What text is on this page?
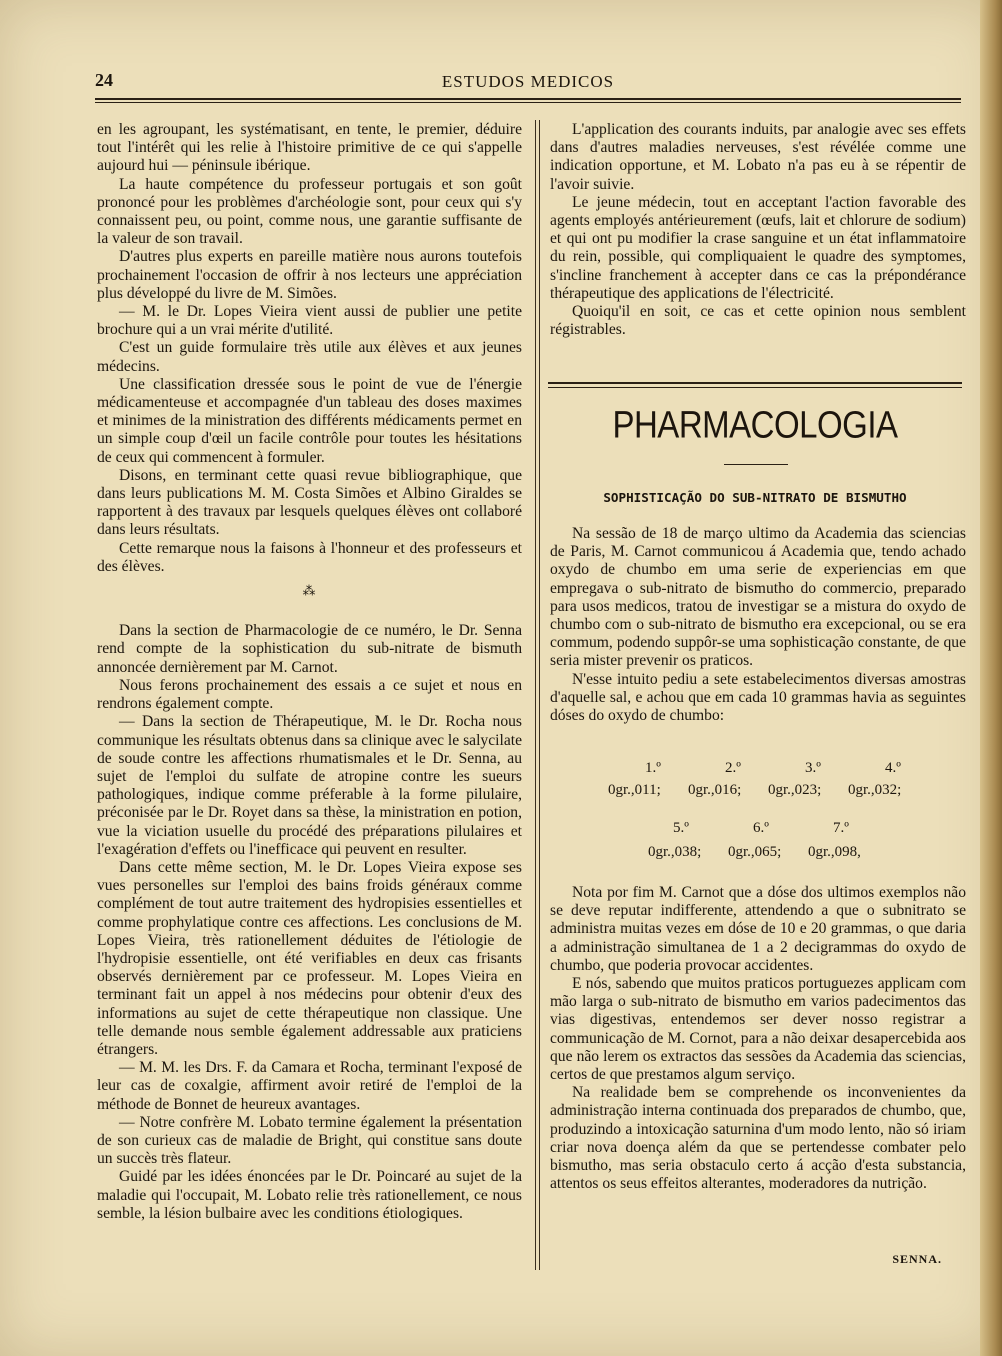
24	ESTUDOS MEDICOS

en les agroupant, les systématisant, en tente, le premier, déduire tout l'intérêt qui les relie à l'histoire primitive de ce qui s'appelle aujourd hui — péninsule ibérique.

La haute compétence du professeur portugais et son goût prononcé pour les problèmes d'archéologie sont, pour ceux qui s'y connaissent peu, ou point, comme nous, une garantie suffisante de la valeur de son travail.

D'autres plus experts en pareille matière nous aurons toutefois prochainement l'occasion de offrir à nos lecteurs une appréciation plus développé du livre de M. Simões.

— M. le Dr. Lopes Vieira vient aussi de publier une petite brochure qui a un vrai mérite d'utilité.

C'est un guide formulaire très utile aux élèves et aux jeunes médecins.

Une classification dressée sous le point de vue de l'énergie médicamenteuse et accompagnée d'un tableau des doses maximes et minimes de la ministration des différents médicaments permet en un simple coup d'œil un facile contrôle pour toutes les hésitations de ceux qui commencent à formuler.

Disons, en terminant cette quasi revue bibliographique, que dans leurs publications M. M. Costa Simões et Albino Giraldes se rapportent à des travaux par lesquels quelques élèves ont collaboré dans leurs résultats.

Cette remarque nous la faisons à l'honneur et des professeurs et des élèves.

⁂

Dans la section de Pharmacologie de ce numéro, le Dr. Senna rend compte de la sophistication du sub-nitrate de bismuth annoncée dernièrement par M. Carnot.

Nous ferons prochainement des essais a ce sujet et nous en rendrons également compte.

— Dans la section de Thérapeutique, M. le Dr. Rocha nous communique les résultats obtenus dans sa clinique avec le salycilate de soude contre les affections rhumatismales et le Dr. Senna, au sujet de l'emploi du sulfate de atropine contre les sueurs pathologiques, indique comme préferable à la forme pilulaire, préconisée par le Dr. Royet dans sa thèse, la ministration en potion, vue la viciation usuelle du procédé des préparations pilulaires et l'exagération d'effets ou l'inefficace qui peuvent en resulter.

Dans cette même section, M. le Dr. Lopes Vieira expose ses vues personelles sur l'emploi des bains froids généraux comme complément de tout autre traitement des hydropisies essentielles et comme prophylatique contre ces affections. Les conclusions de M. Lopes Vieira, très rationellement déduites de l'étiologie de l'hydropisie essentielle, ont été verifiables en deux cas frisants observés dernièrement par ce professeur. M. Lopes Vieira en terminant fait un appel à nos médecins pour obtenir d'eux des informations au sujet de cette thérapeutique non classique. Une telle demande nous semble également addressable aux praticiens étrangers.

— M. M. les Drs. F. da Camara et Rocha, terminant l'exposé de leur cas de coxalgie, affirment avoir retiré de l'emploi de la méthode de Bonnet de heureux avantages.

— Notre confrère M. Lobato termine également la présentation de son curieux cas de maladie de Bright, qui constitue sans doute un succès très flateur.

Guidé par les idées énoncées par le Dr. Poincaré au sujet de la maladie qui l'occupait, M. Lobato relie très rationellement, ce nous semble, la lésion bulbaire avec les conditions étiologiques.

L'application des courants induits, par analogie avec ses effets dans d'autres maladies nerveuses, s'est révélée comme une indication opportune, et M. Lobato n'a pas eu à se répentir de l'avoir suivie.

Le jeune médecin, tout en acceptant l'action favorable des agents employés antérieurement (œufs, lait et chlorure de sodium) et qui ont pu modifier la crase sanguine et un état inflammatoire du rein, possible, qui compliquaient le quadre des symptomes, s'incline franchement à accepter dans ce cas la prépondérance thérapeutique des applications de l'électricité.

Quoiqu'il en soit, ce cas et cette opinion nous semblent régistrables.

PHARMACOLOGIA
SOPHISTICAÇÃO DO SUB-NITRATO DE BISMUTHO

Na sessão de 18 de março ultimo da Academia das sciencias de Paris, M. Carnot communicou á Academia que, tendo achado oxydo de chumbo em uma serie de experiencias em que empregava o sub-nitrato de bismutho do commercio, preparado para usos medicos, tratou de investigar se a mistura do oxydo de chumbo com o sub-nitrato de bismutho era excepcional, ou se era commum, podendo suppôr-se uma sophisticação constante, de que seria mister prevenir os praticos.

N'esse intuito pediu a sete estabelecimentos diversas amostras d'aquelle sal, e achou que em cada 10 grammas havia as seguintes dóses do oxydo de chumbo:

1.º	2.º	3.º	4.º
0gr.,011; 0gr.,016; 0gr.,023; 0gr.,032;
5.º	6.º	7.º
0gr.,038; 0gr.,065; 0gr.,098,

Nota por fim M. Carnot que a dóse dos ultimos exemplos não se deve reputar indifferente, attendendo a que o subnitrato se administra muitas vezes em dóse de 10 e 20 grammas, o que daria a administração simultanea de 1 a 2 decigrammas do oxydo de chumbo, que poderia provocar accidentes.

E nós, sabendo que muitos praticos portuguezes applicam com mão larga o sub-nitrato de bismutho em varios padecimentos das vias digestivas, entendemos ser dever nosso registrar a communicação de M. Cornot, para a não deixar desapercebida aos que não lerem os extractos das sessões da Academia das sciencias, certos de que prestamos algum serviço.

Na realidade bem se comprehende os inconvenientes da administração interna continuada dos preparados de chumbo, que, produzindo a intoxicação saturnina d'um modo lento, não só iriam criar nova doença além da que se pertendesse combater pelo bismutho, mas seria obstaculo certo á acção d'esta substancia, attentos os seus effeitos alterantes, moderadores da nutrição.

SENNA.
